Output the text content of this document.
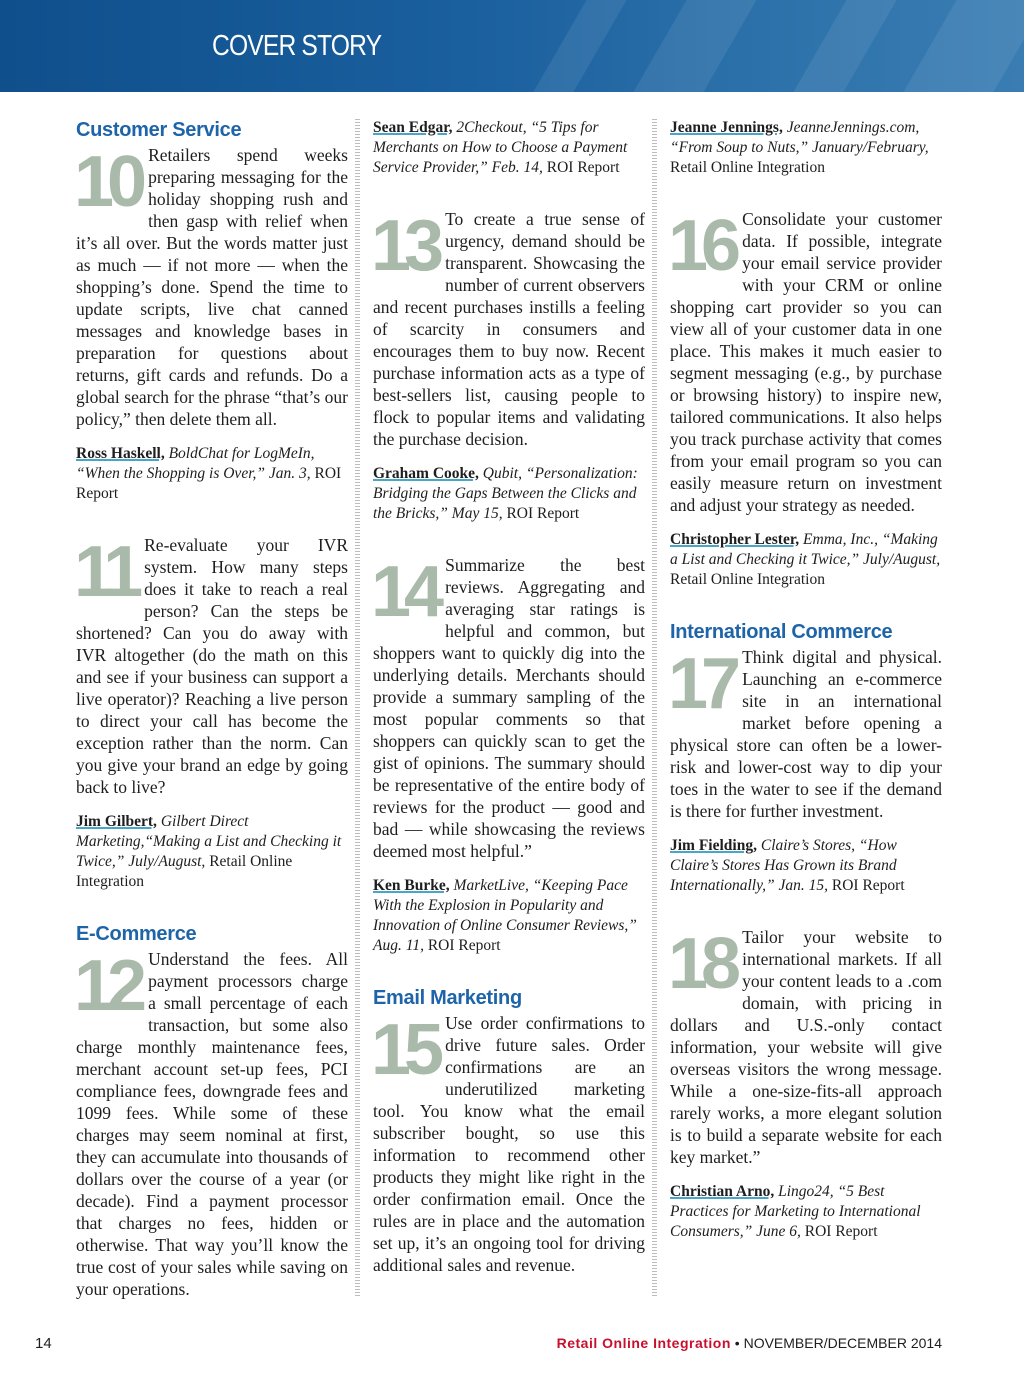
COVER STORY
Customer Service

10 Retailers spend weeks preparing messaging for the holiday shopping rush and then gasp with relief when it’s all over. But the words matter just as much — if not more — when the shopping’s done. Spend the time to update scripts, live chat canned messages and knowledge bases in preparation for questions about returns, gift cards and refunds. Do a global search for the phrase “that’s our policy,” then delete them all.

Ross Haskell, BoldChat for LogMeIn, “When the Shopping is Over,” Jan. 3, ROI Report

11 Re-evaluate your IVR system. How many steps does it take to reach a real person? Can the steps be shortened? Can you do away with IVR altogether (do the math on this and see if your business can support a live operator)? Reaching a live person to direct your call has become the exception rather than the norm. Can you give your brand an edge by going back to live?

Jim Gilbert, Gilbert Direct Marketing,“Making a List and Checking it Twice,” July/August, Retail Online Integration
E-Commerce

12 Understand the fees. All payment processors charge a small percentage of each transaction, but some also charge monthly maintenance fees, merchant account set-up fees, PCI compliance fees, downgrade fees and 1099 fees. While some of these charges may seem nominal at first, they can accumulate into thousands of dollars over the course of a year (or decade). Find a payment processor that charges no fees, hidden or otherwise. That way you’ll know the true cost of your sales while saving on your operations.

Sean Edgar, 2Checkout, “5 Tips for Merchants on How to Choose a Payment Service Provider,” Feb. 14, ROI Report

13 To create a true sense of urgency, demand should be transparent. Showcasing the number of current observers and recent purchases instills a feeling of scarcity in consumers and encourages them to buy now. Recent purchase information acts as a type of best-sellers list, causing people to flock to popular items and validating the purchase decision.

Graham Cooke, Qubit, “Personalization: Bridging the Gaps Between the Clicks and the Bricks,” May 15, ROI Report

14 Summarize the best reviews. Aggregating and averaging star ratings is helpful and common, but shoppers want to quickly dig into the underlying details. Merchants should provide a summary sampling of the most popular comments so that shoppers can quickly scan to get the gist of opinions. The summary should be representative of the entire body of reviews for the product — good and bad — while showcasing the reviews deemed most helpful.”

Ken Burke, MarketLive, “Keeping Pace With the Explosion in Popularity and Innovation of Online Consumer Reviews,” Aug. 11, ROI Report
Email Marketing

15 Use order confirmations to drive future sales. Order confirmations are an underutilized marketing tool. You know what the email subscriber bought, so use this information to recommend other products they might like right in the order confirmation email. Once the rules are in place and the automation set up, it’s an ongoing tool for driving additional sales and revenue.

Jeanne Jennings, JeanneJennings.com, “From Soup to Nuts,” January/February, Retail Online Integration

16 Consolidate your customer data. If possible, integrate your email service provider with your CRM or online shopping cart provider so you can view all of your customer data in one place. This makes it much easier to segment messaging (e.g., by purchase or browsing history) to inspire new, tailored communications. It also helps you track purchase activity that comes from your email program so you can easily measure return on investment and adjust your strategy as needed.

Christopher Lester, Emma, Inc., “Making a List and Checking it Twice,” July/August, Retail Online Integration
International Commerce

17 Think digital and physical. Launching an e-commerce site in an international market before opening a physical store can often be a lower-risk and lower-cost way to dip your toes in the water to see if the demand is there for further investment.

Jim Fielding, Claire’s Stores, “How Claire’s Stores Has Grown its Brand Internationally,” Jan. 15, ROI Report

18 Tailor your website to international markets. If all your content leads to a .com domain, with pricing in dollars and U.S.-only contact information, your website will give overseas visitors the wrong message. While a one-size-fits-all approach rarely works, a more elegant solution is to build a separate website for each key market.”

Christian Arno, Lingo24, “5 Best Practices for Marketing to International Consumers,” June 6, ROI Report
14	Retail Online Integration • NOVEMBER/DECEMBER 2014
